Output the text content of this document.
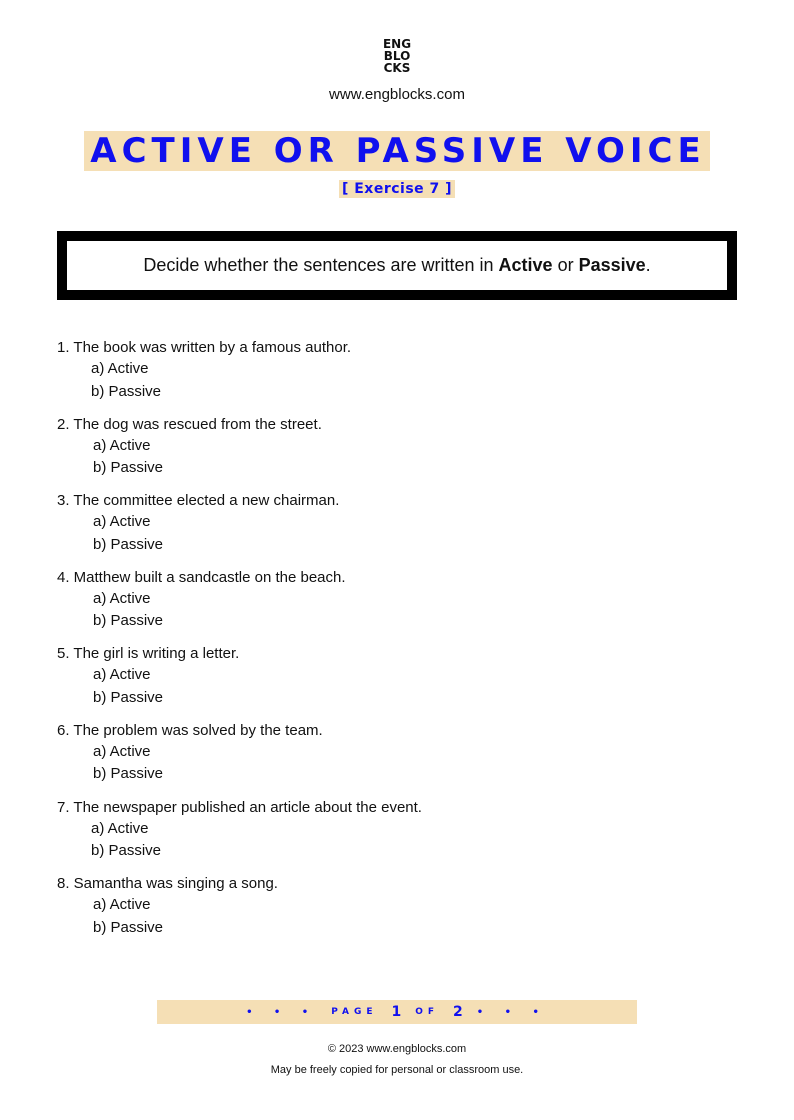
ENG
BLO
CKS
www.engblocks.com
ACTIVE OR PASSIVE VOICE
[ Exercise 7 ]
Decide whether the sentences are written in Active or Passive.
1. The book was written by a famous author.
a) Active
b) Passive
2. The dog was rescued from the street.
a) Active
b) Passive
3. The committee elected a new chairman.
a) Active
b) Passive
4. Matthew built a sandcastle on the beach.
a) Active
b) Passive
5. The girl is writing a letter.
a) Active
b) Passive
6. The problem was solved by the team.
a) Active
b) Passive
7. The newspaper published an article about the event.
a) Active
b) Passive
8. Samantha was singing a song.
a) Active
b) Passive
• • • PAGE 1 OF 2 • • •
© 2023 www.engblocks.com
May be freely copied for personal or classroom use.
